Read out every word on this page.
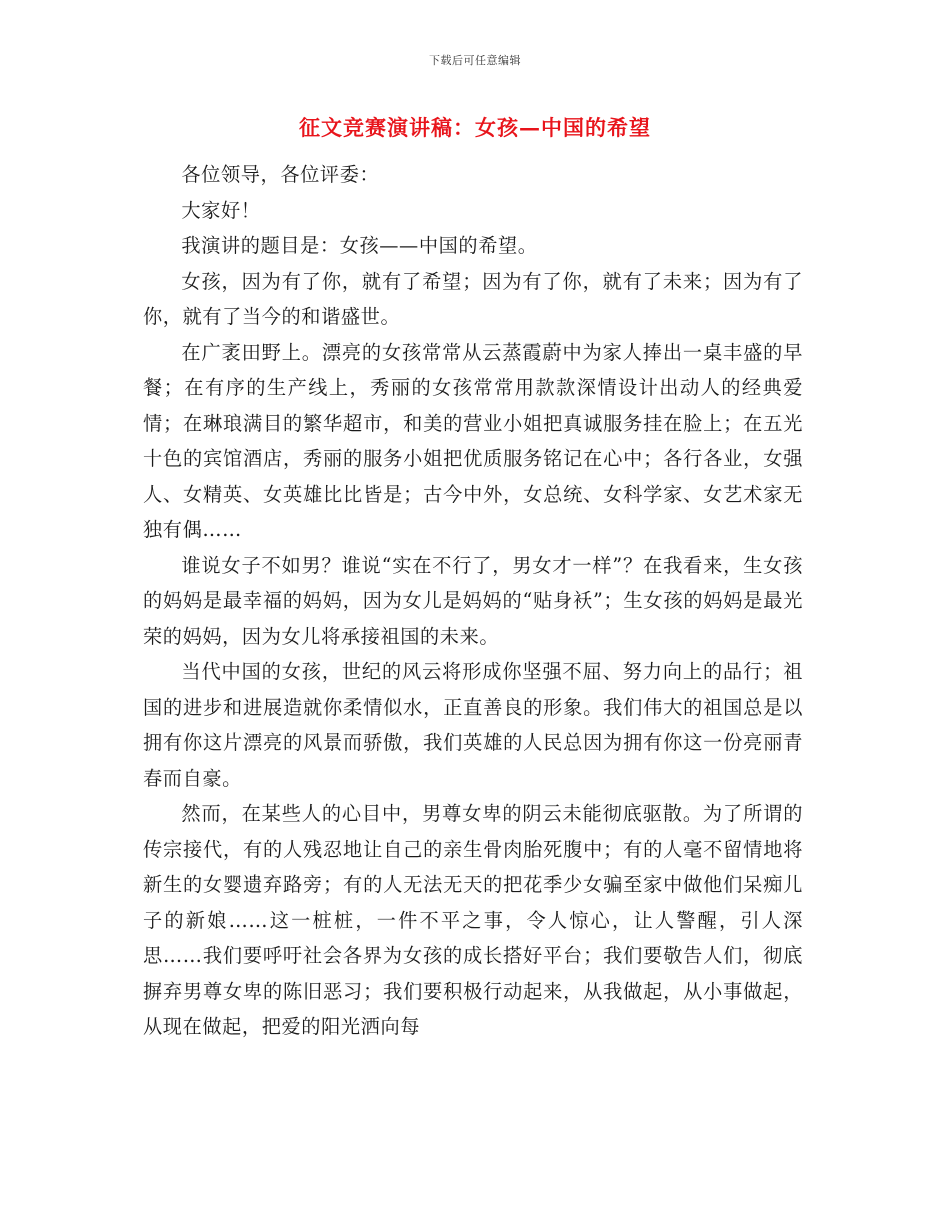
下载后可任意编辑
征文竞赛演讲稿：女孩—中国的希望

各位领导，各位评委：

大家好！

我演讲的题目是：女孩——中国的希望。

女孩，因为有了你，就有了希望；因为有了你，就有了未来；因为有了你，就有了当今的和谐盛世。

在广袤田野上。漂亮的女孩常常从云蒸霞蔚中为家人捧出一桌丰盛的早餐；在有序的生产线上，秀丽的女孩常常用款款深情设计出动人的经典爱情；在琳琅满目的繁华超市，和美的营业小姐把真诚服务挂在脸上；在五光十色的宾馆酒店，秀丽的服务小姐把优质服务铭记在心中；各行各业，女强人、女精英、女英雄比比皆是；古今中外，女总统、女科学家、女艺术家无独有偶……

谁说女子不如男？谁说“实在不行了，男女才一样”？在我看来，生女孩的妈妈是最幸福的妈妈，因为女儿是妈妈的“贴身袄”；生女孩的妈妈是最光荣的妈妈，因为女儿将承接祖国的未来。

当代中国的女孩，世纪的风云将形成你坚强不屈、努力向上的品行；祖国的进步和进展造就你柔情似水，正直善良的形象。我们伟大的祖国总是以拥有你这片漂亮的风景而骄傲，我们英雄的人民总因为拥有你这一份亮丽青春而自豪。

然而，在某些人的心目中，男尊女卑的阴云未能彻底驱散。为了所谓的传宗接代，有的人残忍地让自己的亲生骨肉胎死腹中；有的人毫不留情地将新生的女婴遗弃路旁；有的人无法无天的把花季少女骗至家中做他们呆痴儿子的新娘……这一桩桩，一件不平之事，令人惊心，让人警醒，引人深思……我们要呼吁社会各界为女孩的成长搭好平台；我们要敬告人们，彻底摒弃男尊女卑的陈旧恶习；我们要积极行动起来，从我做起，从小事做起，从现在做起，把爱的阳光洒向每
